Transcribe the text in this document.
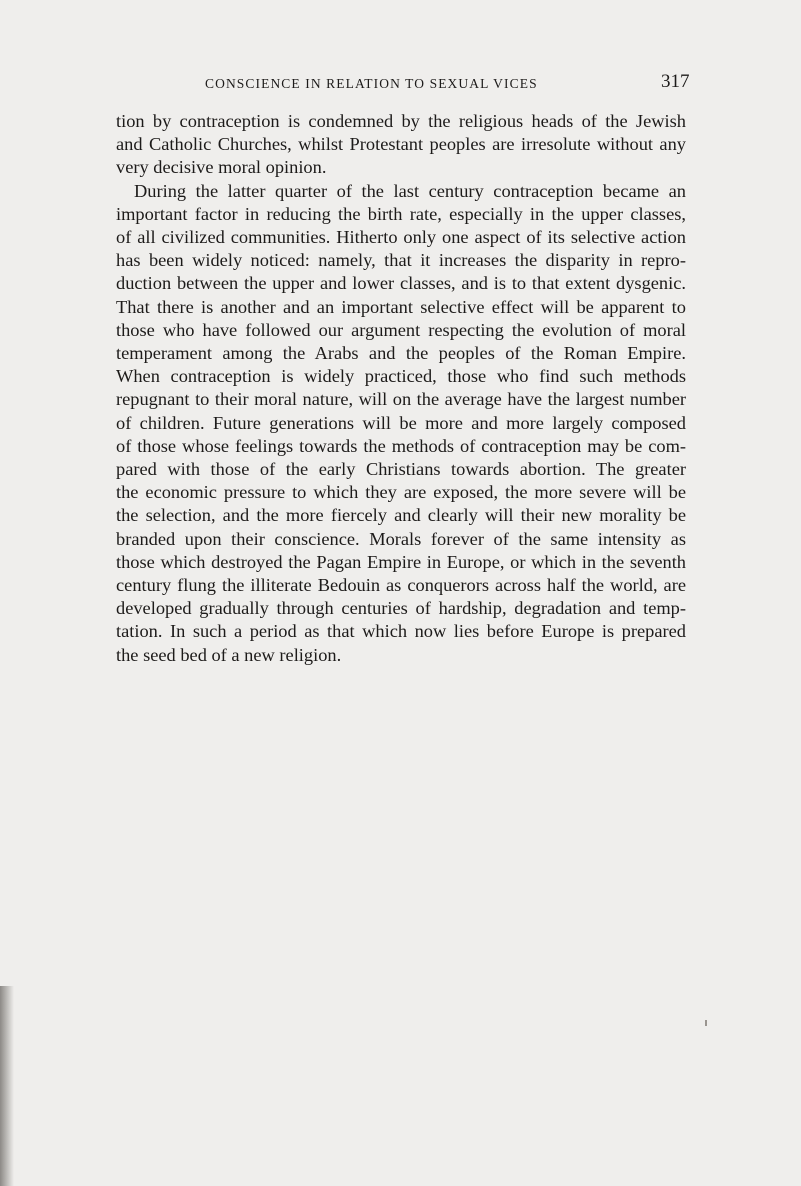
CONSCIENCE IN RELATION TO SEXUAL VICES	317

tion by contraception is condemned by the religious heads of the Jewish
and Catholic Churches, whilst Protestant peoples are irresolute without any
very decisive moral opinion.

During the latter quarter of the last century contraception became an
important factor in reducing the birth rate, especially in the upper classes,
of all civilized communities. Hitherto only one aspect of its selective action
has been widely noticed: namely, that it increases the disparity in repro-
duction between the upper and lower classes, and is to that extent dysgenic.
That there is another and an important selective effect will be apparent to
those who have followed our argument respecting the evolution of moral
temperament among the Arabs and the peoples of the Roman Empire.
When contraception is widely practiced, those who find such methods
repugnant to their moral nature, will on the average have the largest number
of children. Future generations will be more and more largely composed
of those whose feelings towards the methods of contraception may be com-
pared with those of the early Christians towards abortion. The greater
the economic pressure to which they are exposed, the more severe will be
the selection, and the more fiercely and clearly will their new morality be
branded upon their conscience. Morals forever of the same intensity as
those which destroyed the Pagan Empire in Europe, or which in the seventh
century flung the illiterate Bedouin as conquerors across half the world, are
developed gradually through centuries of hardship, degradation and temp-
tation. In such a period as that which now lies before Europe is prepared
the seed bed of a new religion.
